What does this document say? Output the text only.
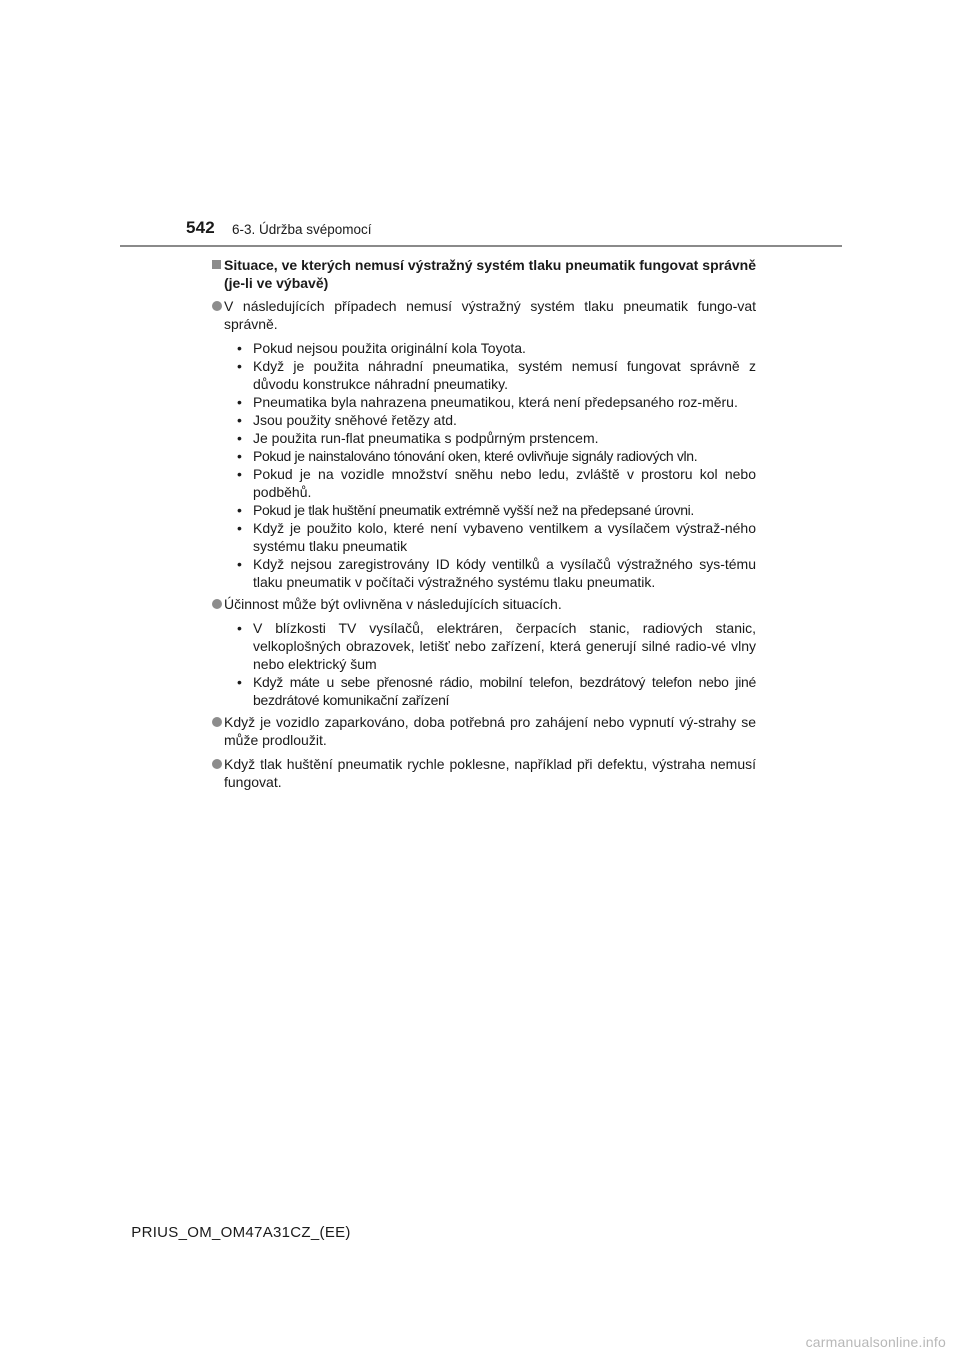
542 6-3. Údržba svépomocí
Situace, ve kterých nemusí výstražný systém tlaku pneumatik fungovat správně (je-li ve výbavě)
V následujících případech nemusí výstražný systém tlaku pneumatik fungo-vat správně.
• Pokud nejsou použita originální kola Toyota.
• Když je použita náhradní pneumatika, systém nemusí fungovat správně z důvodu konstrukce náhradní pneumatiky.
• Pneumatika byla nahrazena pneumatikou, která není předepsaného roz-měru.
• Jsou použity sněhové řetězy atd.
• Je použita run-flat pneumatika s podpůrným prstencem.
• Pokud je nainstalováno tónování oken, které ovlivňuje signály radiových vln.
• Pokud je na vozidle množství sněhu nebo ledu, zvláště v prostoru kol nebo podběhů.
• Pokud je tlak huštění pneumatik extrémně vyšší než na předepsané úrovni.
• Když je použito kolo, které není vybaveno ventilkem a vysílačem výstraž-ného systému tlaku pneumatik
• Když nejsou zaregistrovány ID kódy ventilků a vysílačů výstražného sys-tému tlaku pneumatik v počítači výstražného systému tlaku pneumatik.
Účinnost může být ovlivněna v následujících situacích.
• V blízkosti TV vysílačů, elektráren, čerpacích stanic, radiových stanic, velkoplošných obrazovek, letišť nebo zařízení, která generují silné radio-vé vlny nebo elektrický šum
• Když máte u sebe přenosné rádio, mobilní telefon, bezdrátový telefon nebo jiné bezdrátové komunikační zařízení
Když je vozidlo zaparkováno, doba potřebná pro zahájení nebo vypnutí vý-strahy se může prodloužit.
Když tlak huštění pneumatik rychle poklesne, například při defektu, výstraha nemusí fungovat.
PRIUS_OM_OM47A31CZ_(EE)
carmanualsonline.info
